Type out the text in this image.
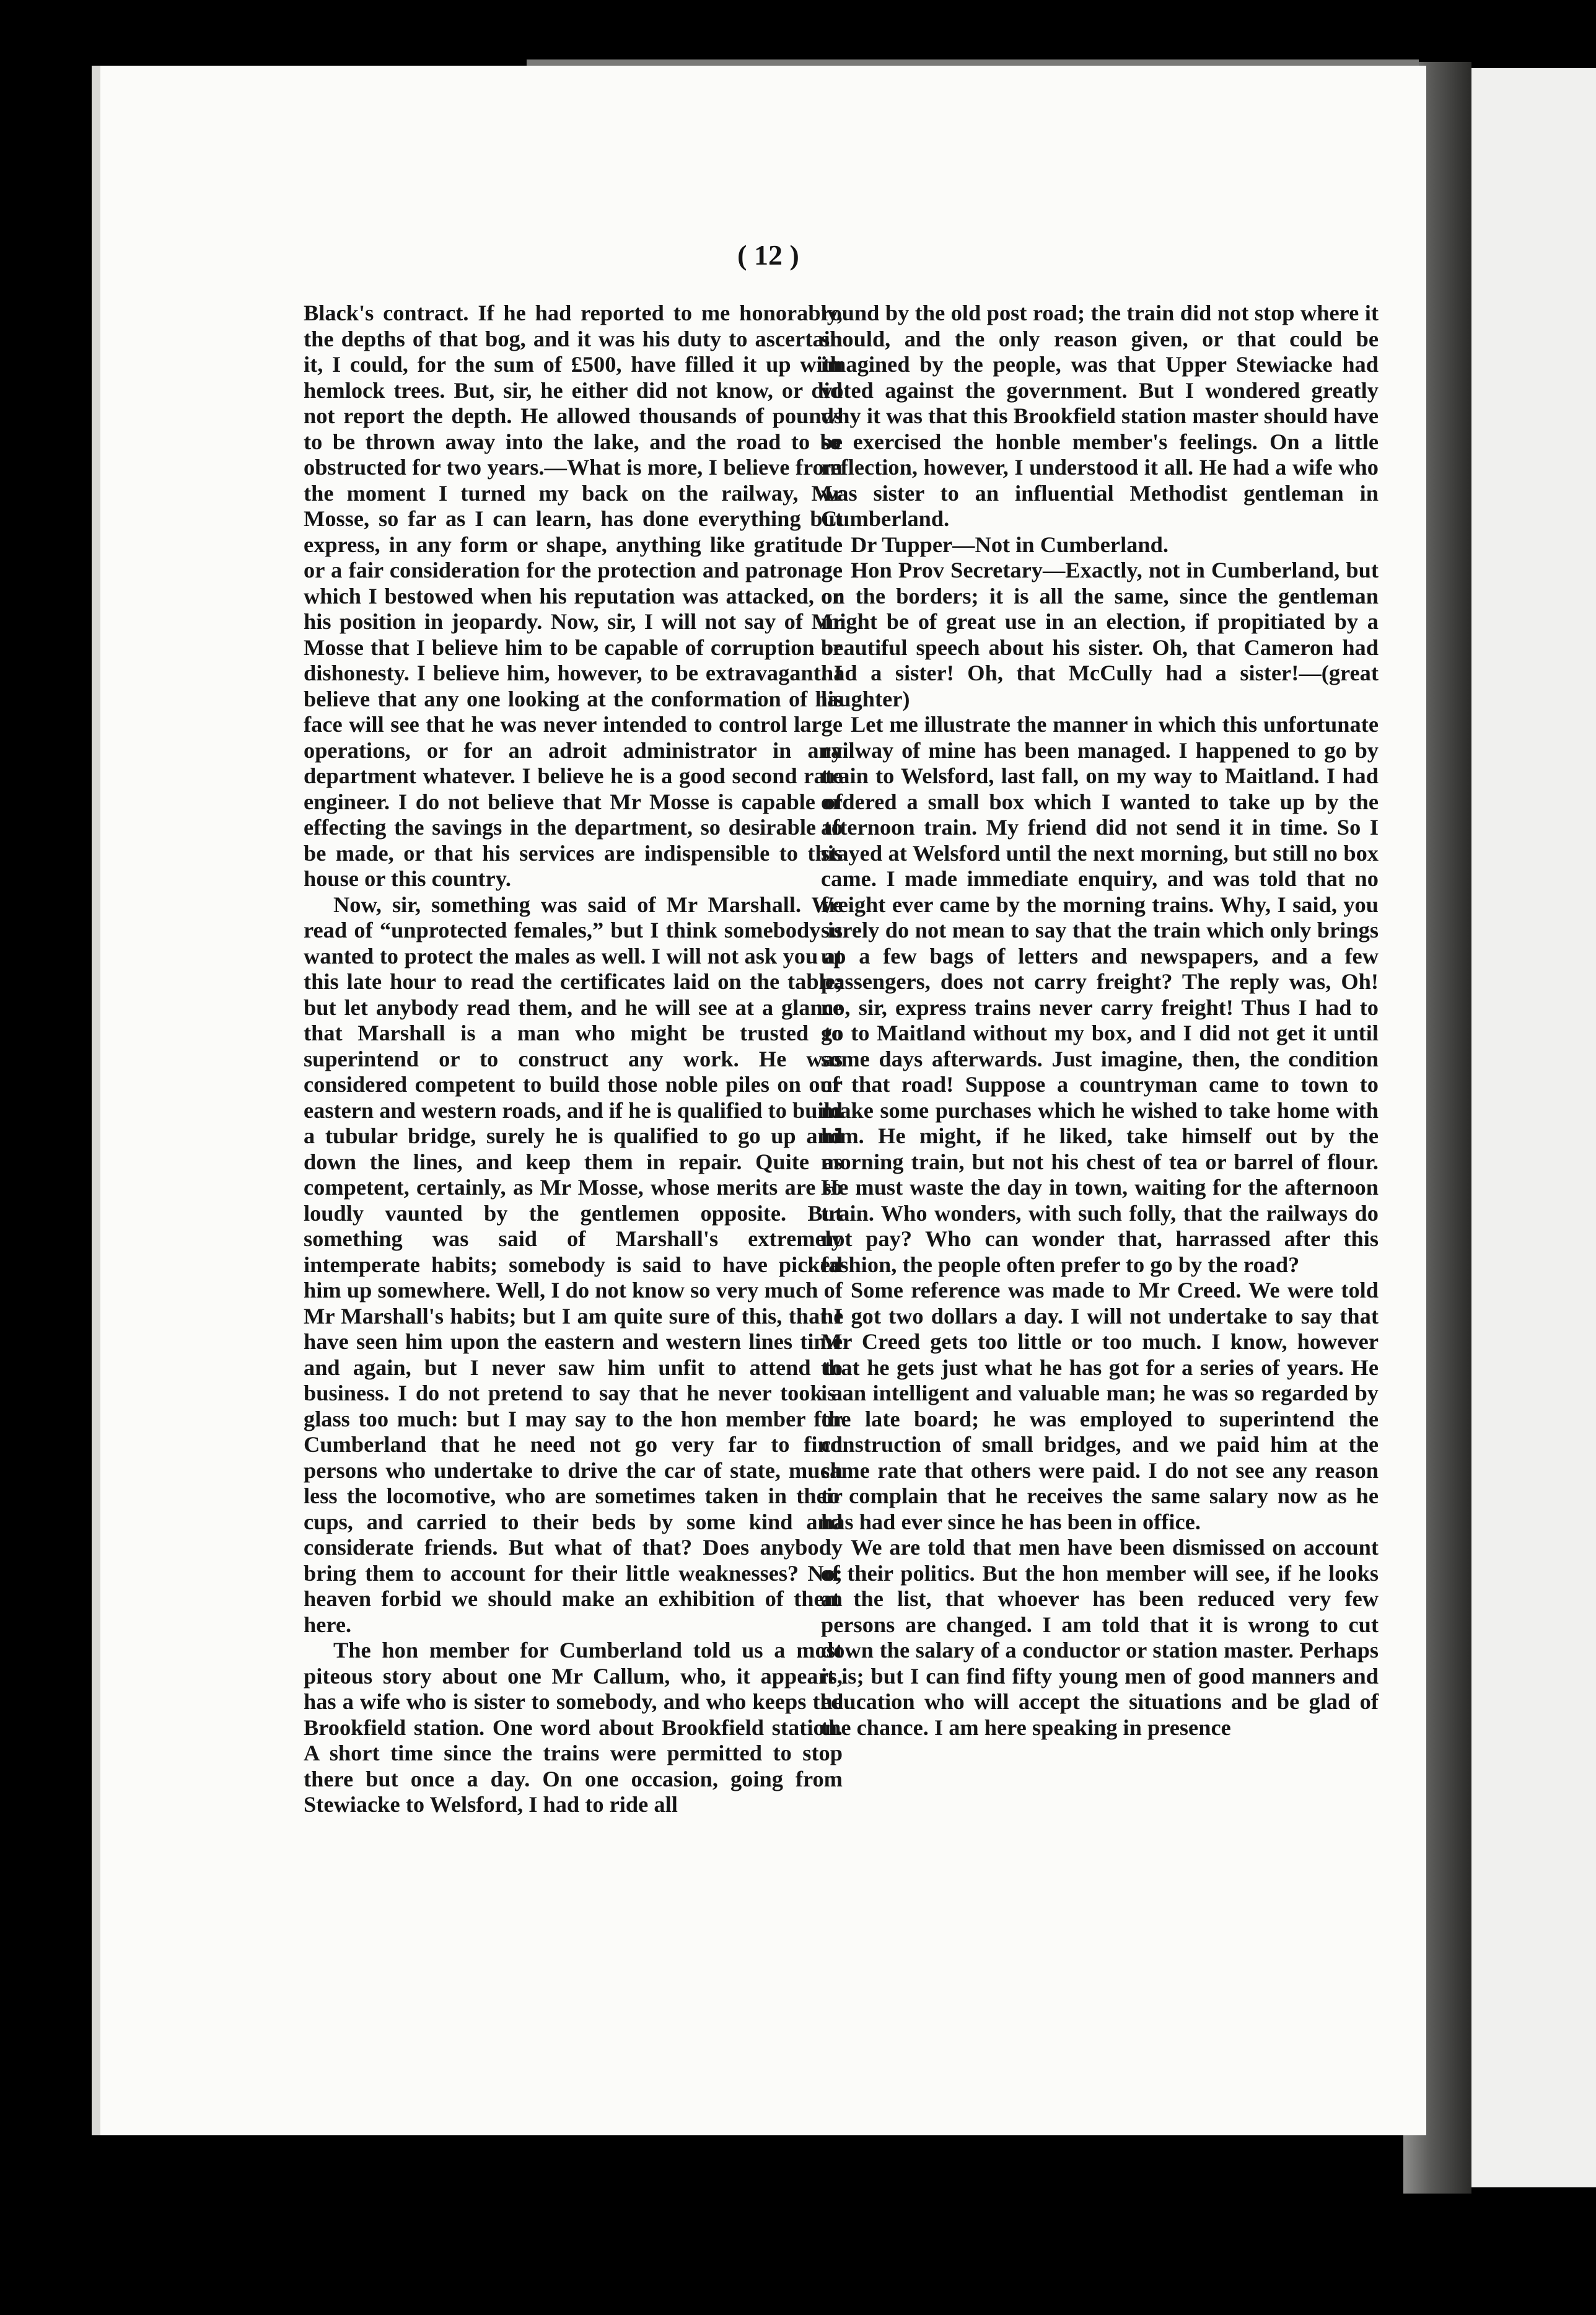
( 12 )

Black's contract. If he had reported to me honorably, the depths of that bog, and it was his duty to ascertain it, I could, for the sum of £500, have filled it up with hemlock trees. But, sir, he either did not know, or did not report the depth. He allowed thousands of pounds to be thrown away into the lake, and the road to be obstructed for two years.—What is more, I believe from the moment I turned my back on the railway, Mr Mosse, so far as I can learn, has done everything but express, in any form or shape, anything like gratitude or a fair consideration for the protection and patronage which I bestowed when his reputation was attacked, or his position in jeopardy. Now, sir, I will not say of Mr Mosse that I believe him to be capable of corruption or dishonesty. I believe him, however, to be extravagant. I believe that any one looking at the conformation of his face will see that he was never intended to control large operations, or for an adroit administrator in any department whatever. I believe he is a good second rate engineer. I do not believe that Mr Mosse is capable of effecting the savings in the department, so desirable to be made, or that his services are indispensible to this house or this country.

Now, sir, something was said of Mr Marshall. We read of “unprotected females,” but I think somebody is wanted to protect the males as well. I will not ask you at this late hour to read the certificates laid on the table; but let anybody read them, and he will see at a glance that Marshall is a man who might be trusted to superintend or to construct any work. He was considered competent to build those noble piles on our eastern and western roads, and if he is qualified to build a tubular bridge, surely he is qualified to go up and down the lines, and keep them in repair. Quite as competent, certainly, as Mr Mosse, whose merits are so loudly vaunted by the gentlemen opposite. But something was said of Marshall's extremely intemperate habits; somebody is said to have picked him up somewhere. Well, I do not know so very much of Mr Marshall's habits; but I am quite sure of this, that I have seen him upon the eastern and western lines time and again, but I never saw him unfit to attend to business. I do not pretend to say that he never took a glass too much: but I may say to the hon member for Cumberland that he need not go very far to find persons who undertake to drive the car of state, much less the locomotive, who are sometimes taken in their cups, and carried to their beds by some kind and considerate friends. But what of that? Does anybody bring them to account for their little weaknesses? No; heaven forbid we should make an exhibition of them here.

The hon member for Cumberland told us a most piteous story about one Mr Callum, who, it appears, has a wife who is sister to somebody, and who keeps the Brookfield station. One word about Brookfield station. A short time since the trains were permitted to stop there but once a day. On one occasion, going from Stewiacke to Welsford, I had to ride all

round by the old post road; the train did not stop where it should, and the only reason given, or that could be imagined by the people, was that Upper Stewiacke had voted against the government. But I wondered greatly why it was that this Brookfield station master should have so exercised the honble member's feelings. On a little reflection, however, I understood it all. He had a wife who was sister to an influential Methodist gentleman in Cumberland.

Dr Tupper—Not in Cumberland.

Hon Prov Secretary—Exactly, not in Cumberland, but on the borders; it is all the same, since the gentleman might be of great use in an election, if propitiated by a beautiful speech about his sister. Oh, that Cameron had had a sister! Oh, that McCully had a sister!—(great laughter)

Let me illustrate the manner in which this unfortunate railway of mine has been managed. I happened to go by train to Welsford, last fall, on my way to Maitland. I had ordered a small box which I wanted to take up by the afternoon train. My friend did not send it in time. So I stayed at Welsford until the next morning, but still no box came. I made immediate enquiry, and was told that no freight ever came by the morning trains. Why, I said, you surely do not mean to say that the train which only brings up a few bags of letters and newspapers, and a few passengers, does not carry freight? The reply was, Oh! no, sir, express trains never carry freight! Thus I had to go to Maitland without my box, and I did not get it until some days afterwards. Just imagine, then, the condition of that road! Suppose a countryman came to town to make some purchases which he wished to take home with him. He might, if he liked, take himself out by the morning train, but not his chest of tea or barrel of flour. He must waste the day in town, waiting for the afternoon train. Who wonders, with such folly, that the railways do not pay? Who can wonder that, harrassed after this fashion, the people often prefer to go by the road?

Some reference was made to Mr Creed. We were told he got two dollars a day. I will not undertake to say that Mr Creed gets too little or too much. I know, however that he gets just what he has got for a series of years. He is an intelligent and valuable man; he was so regarded by the late board; he was employed to superintend the construction of small bridges, and we paid him at the same rate that others were paid. I do not see any reason to complain that he receives the same salary now as he has had ever since he has been in office.

We are told that men have been dismissed on account of their politics. But the hon member will see, if he looks at the list, that whoever has been reduced very few persons are changed. I am told that it is wrong to cut down the salary of a conductor or station master. Perhaps it is; but I can find fifty young men of good manners and education who will accept the situations and be glad of the chance. I am here speaking in presence
